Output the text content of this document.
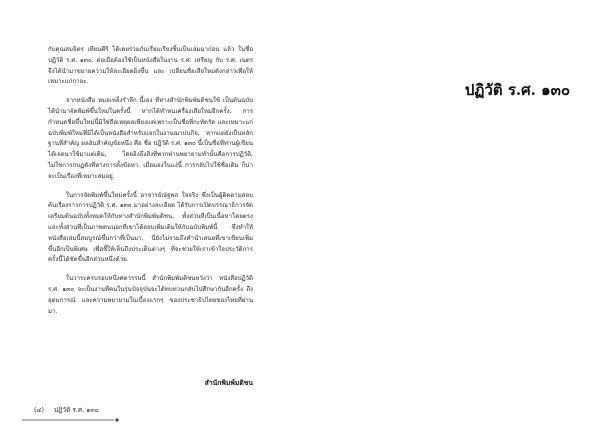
กับคุณสมจิตร เทียนศิริ ได้เคยร่วมกันเรียบเรียงชิ้นเป็นเล่มมาก่อน แล้ว ในชื่อ ปฏิวัติ ร.ศ. ๑๓๐. ต่อเมื่อต้องใช้เป็นหนังสือในงาน ร.ศ. เหรียญ กับ ร.ศ. เนตร จึงได้นำมาขยายความให้ละเอียดยิ่งขึ้น และ เปลี่ยนชื่อเสียใหม่ดังกล่าวเพื่อให้เหมาะแก่กาละ.

จากหนังสือ หมอเหล็งรำลึก นี้เอง ที่ทางสำนักพิมพ์มติชนใช้ เป็นต้นฉบับได้นำมาจัดพิมพ์ขึ้นใหม่ในครั้งนี้ หากได้ทำหนเครื่องเสียใหม่อีกครั้ง, การกำหนดชื่อขึ้นใหม่นี้มิใช่ถือเหตุผลเพียงแค่เพราะเป็นชื่อที่กะทัดรัด และเหมาะแก่ฉบับพิมพ์ใหม่ที่มิได้เป็นหนังสือสำหรับแจกในงานฌาปนกิจ, หากแต่ยังเป็นหลักฐานที่สำคัญ ผลอันสำคัญข้อหนึ่ง คือ ชื่อ ปฏิวัติ ร.ศ. ๑๓๐ นี้เป็นชื่อที่ท่านผู้เขียนได้เจตนาใช้มาแต่เดิม, โดยอิงถึงสิ่งที่พวกท่านพยายามทำนั้นคือการปฏิวัติ, ไม่ใช่การกบฏดังที่ทางการตั้งข้อหา. เมื่อมองในแง่นี้ การกลับไปใช้ชื่อเดิม ก็น่าจะเป็นเรื่องที่เหมาะสมอยู่.

ในการจัดพิมพ์ขึ้นใหม่ครั้งนี้ อาจารย์ณัฐพล ใจจริง ซึ่งเป็นผู้ติดตามสอบค้นเรื่องราวการปฏิวัติ ร.ศ. ๑๓๐ มาอย่างละเอียด ได้รับการเปิดบรรณาธิการจัดเตรียมต้นฉบับทั้งหมดให้กับทางสำนักพิมพ์มติชน, ทั้งส่วนที่เป็นเนื้อหาโดยตรงและทั้งส่วนที่เป็นภาพคนนอกที่เขาได้สอบเพิ่มเติมให้กับฉบับพิมพ์นี้ ซึ่งทำให้หนังสือเล่มนี้สมบูรณ์ขึ้นกว่าที่เป็นมา, นี่ยังไม่รวมถึงคำนำเสนอที่เขาเขียนเพิ่มขึ้นอีกเป็นพิเศษ เพื่อชี้ให้เห็นถึงประเด็นต่างๆ ที่จะช่วยให้เราเข้าใจประวัติการครั้งนี้ได้ชัดขึ้นอีกส่วนหนึ่งด้วย.

ในวาระครบรอบหนึ่งศตวรรษนี้ สำนักพิมพ์มติชนหวังว่า หนังสือปฏิวัติ ร.ศ. ๑๓๐ จะเป็นงานที่คนในรุ่นปัจจุบันจะได้ทบทวนกลับไปศึกษากันอีกครั้ง ถึงอุดมการณ์ และความพยายามในเบื้องแรกๆ ของประชาธิปไตยของไทยที่ผ่านมา.

สำนักพิมพ์มติชน
ปฏิวัติ ร.ศ. ๑๓๐
(๔) ปฏิวัติ ร.ศ. ๑๓๐
